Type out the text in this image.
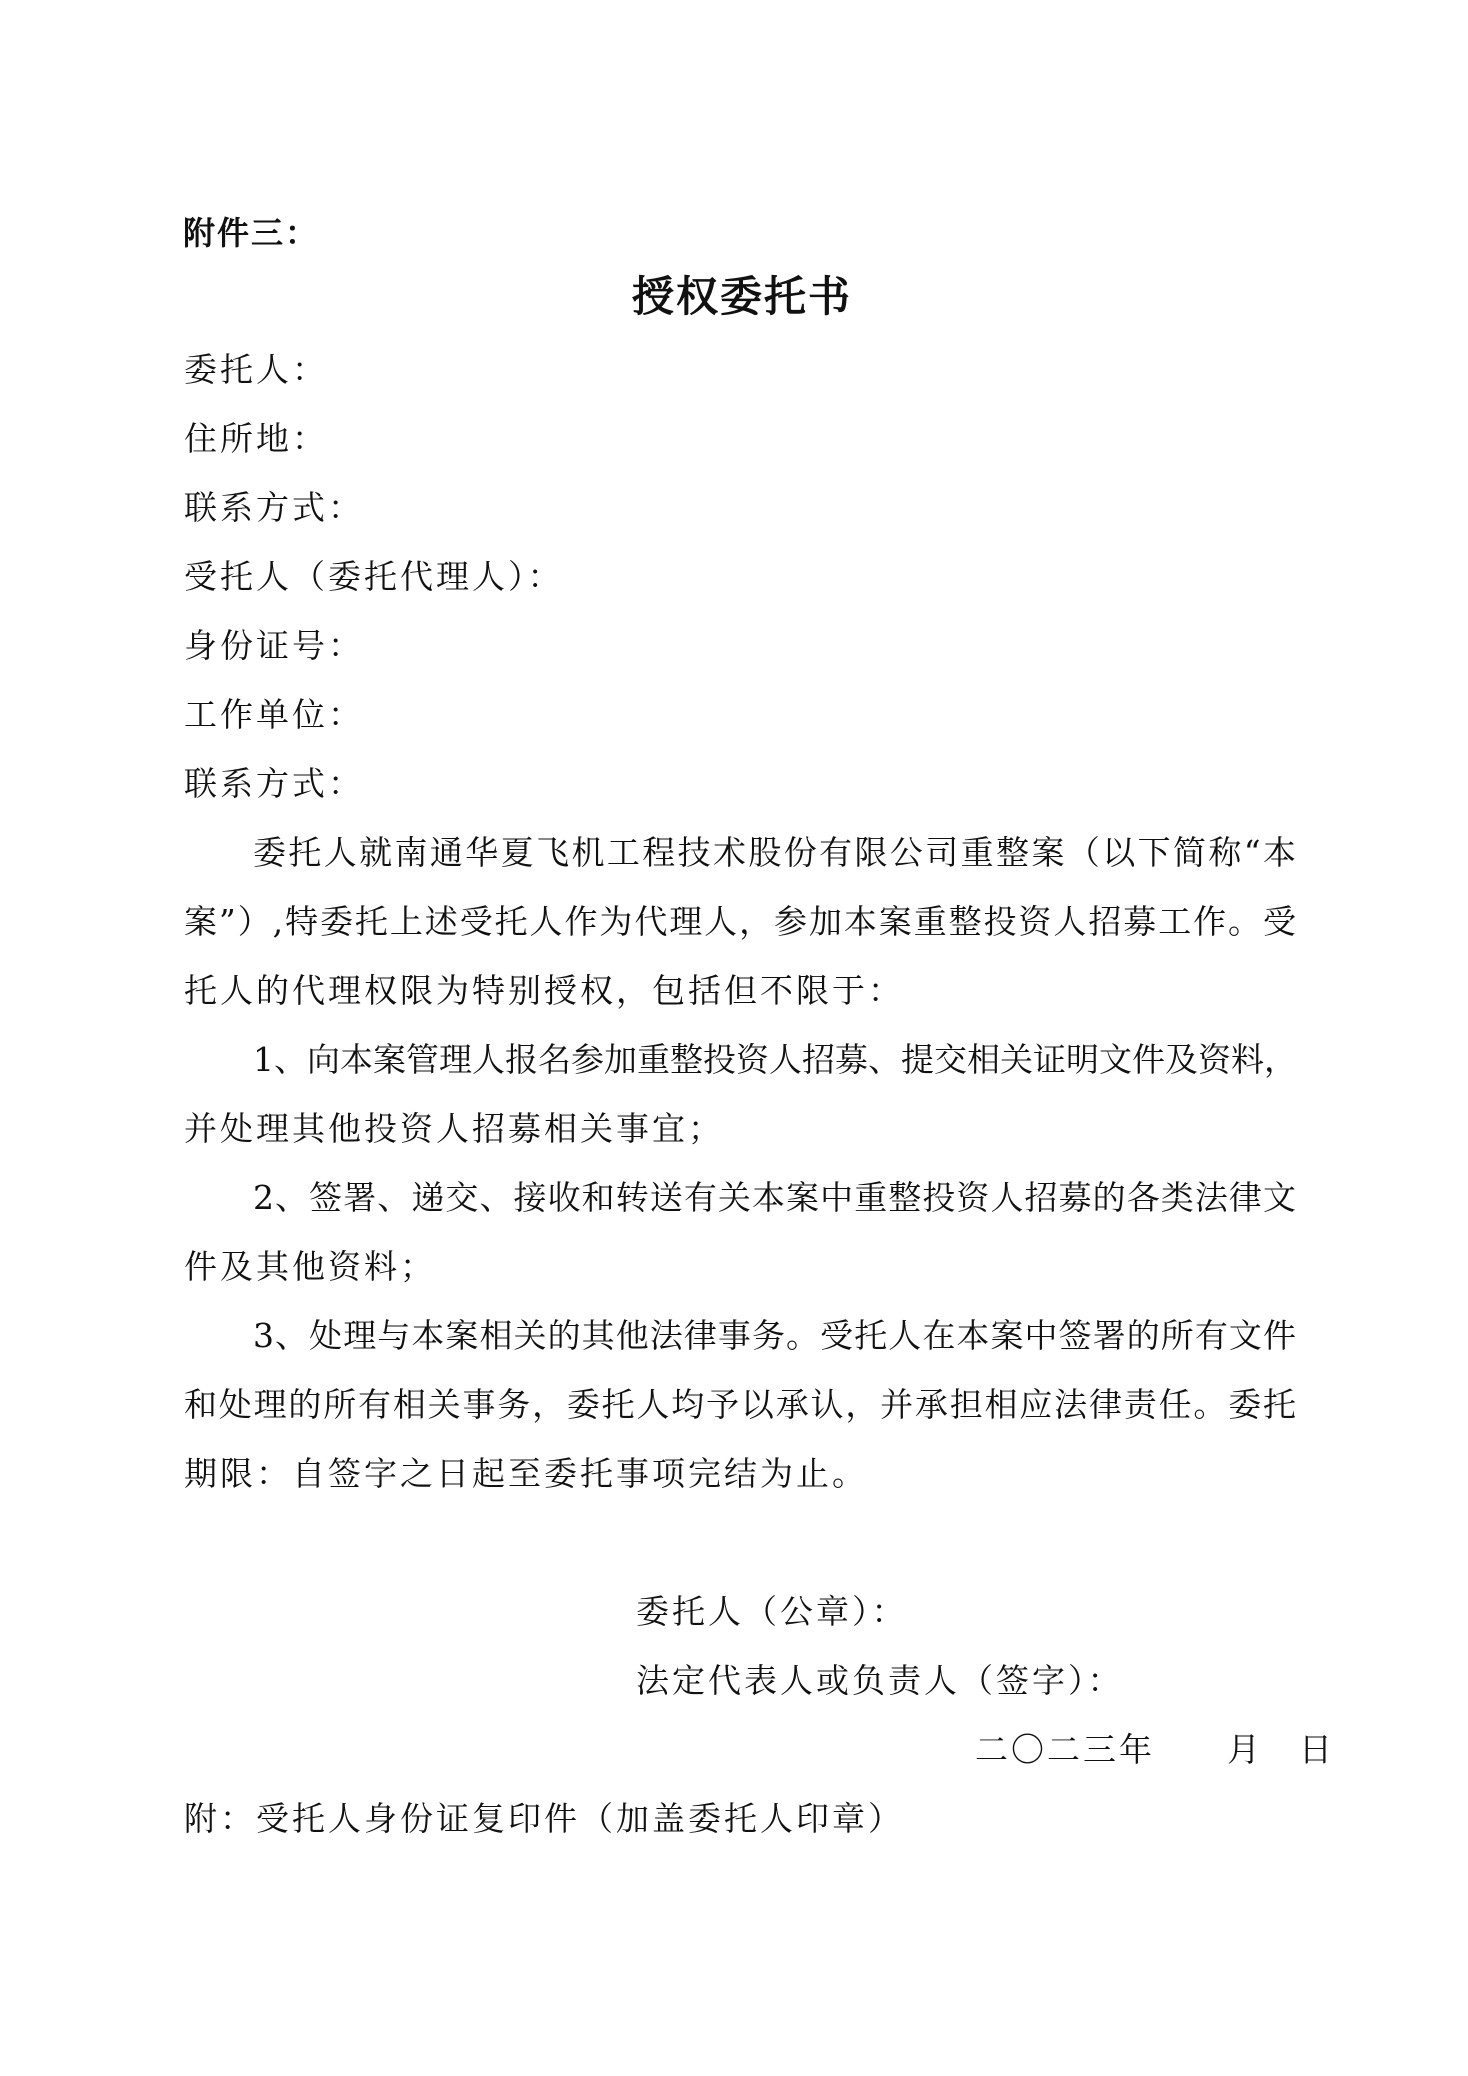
附件三：
授权委托书
委托人：
住所地：
联系方式：
受托人（委托代理人）：
身份证号：
工作单位：
联系方式：
委托人就南通华夏飞机工程技术股份有限公司重整案（以下简称“本
案”）,特委托上述受托人作为代理人，参加本案重整投资人招募工作。受
托人的代理权限为特别授权，包括但不限于：
1、向本案管理人报名参加重整投资人招募、提交相关证明文件及资料，
并处理其他投资人招募相关事宜；
2、签署、递交、接收和转送有关本案中重整投资人招募的各类法律文
件及其他资料；
3、处理与本案相关的其他法律事务。受托人在本案中签署的所有文件
和处理的所有相关事务，委托人均予以承认，并承担相应法律责任。委托
期限：自签字之日起至委托事项完结为止。
委托人（公章）：
法定代表人或负责人（签字）：
二〇二三年　　月　日
附：受托人身份证复印件（加盖委托人印章）
